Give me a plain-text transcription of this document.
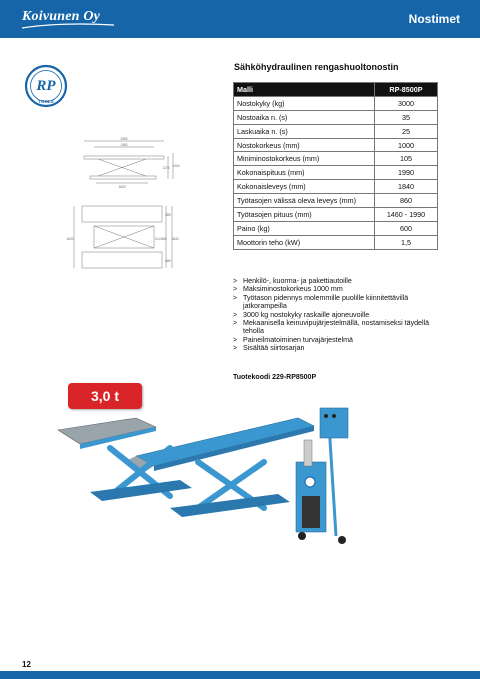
Koivunen Oy	Nostimet
RP
TOOLS
Sähköhydraulinen rengashuoltonostin
Malli	RP-8500P
Nostokyky (kg)	3000
Nostoaika n. (s)	35
Laskuaika n. (s)	25
Nostokorkeus (mm)	1000
Miniminostokorkeus (mm)	105
Kokonaispituus (mm)	1990
Kokonaisleveys (mm)	1840
Työtasojen välissä oleva leveys (mm)	860
Työtasojen pituus (mm)	1460 - 1990
Paino (kg)	600
Moottorin teho (kW)	1,5
1990
1460
1620
1173 1000
1620	614	1840
860
580
580
> Henkilö-, kuorma- ja pakettiautoille
> Maksiminostokorkeus 1000 mm
> Työtason pidennys molemmille puolille kiinnitettävillä jatkorampeilla
> 3000 kg nostokyky raskaille ajoneuvoille
> Mekaanisella keinuvipujärjestelmällä, nostamiseksi täydellä teholla
> Paineilmatoiminen turvajärjestelmä
> Sisältää siirtosarjan
Tuotekoodi 229-RP8500P
3,0 t
12
